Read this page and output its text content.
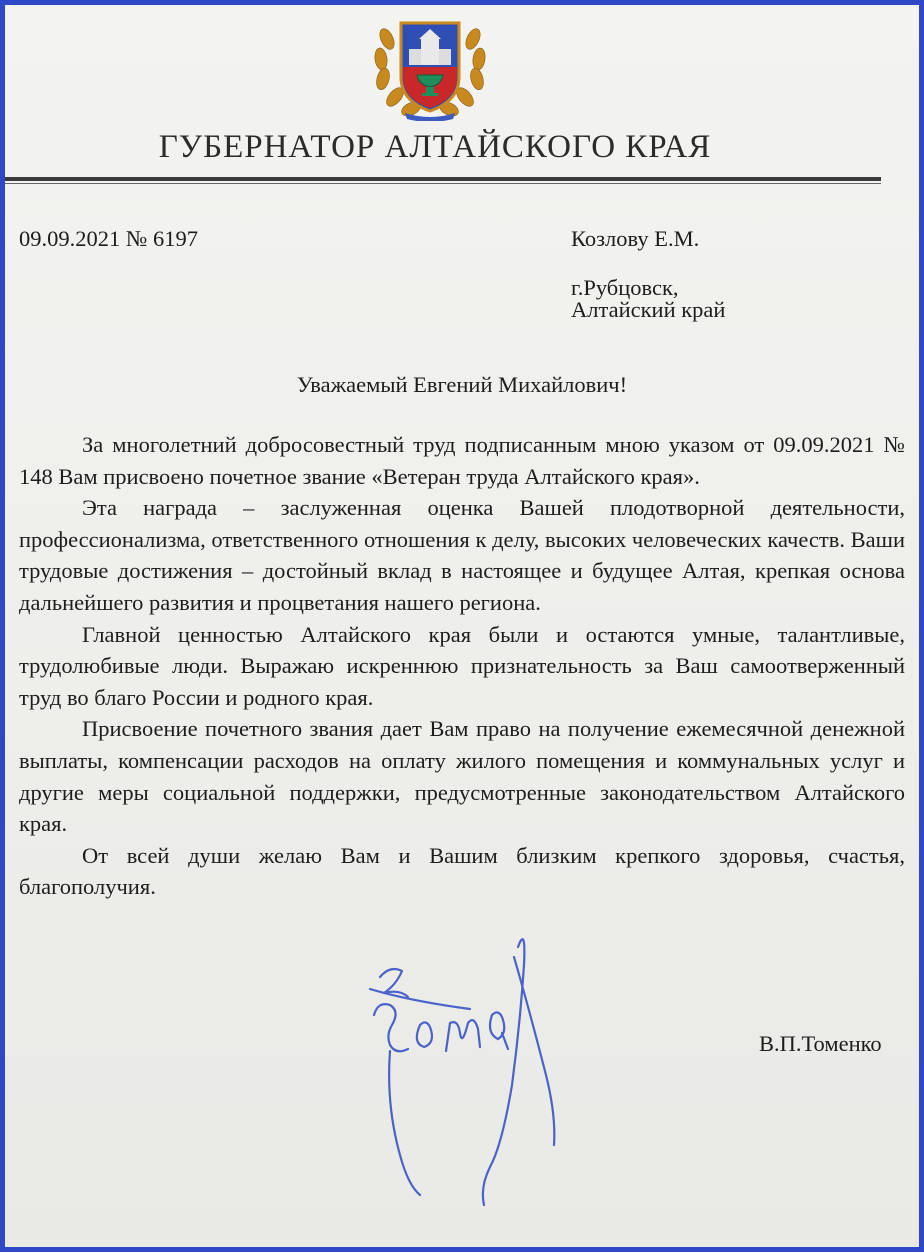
ГУБЕРНАТОР АЛТАЙСКОГО КРАЯ
09.09.2021 № 6197	Козлову Е.М.
г.Рубцовск,
Алтайский край
Уважаемый Евгений Михайлович!

За многолетний добросовестный труд подписанным мною указом от 09.09.2021 № 148 Вам присвоено почетное звание «Ветеран труда Алтайского края».

Эта награда – заслуженная оценка Вашей плодотворной деятельности, профессионализма, ответственного отношения к делу, высоких человеческих качеств. Ваши трудовые достижения – достойный вклад в настоящее и будущее Алтая, крепкая основа дальнейшего развития и процветания нашего региона.

Главной ценностью Алтайского края были и остаются умные, талантливые, трудолюбивые люди. Выражаю искреннюю признательность за Ваш самоотверженный труд во благо России и родного края.

Присвоение почетного звания дает Вам право на получение ежемесячной денежной выплаты, компенсации расходов на оплату жилого помещения и коммунальных услуг и другие меры социальной поддержки, предусмотренные законодательством Алтайского края.

От всей души желаю Вам и Вашим близким крепкого здоровья, счастья, благополучия.

В.П.Томенко
